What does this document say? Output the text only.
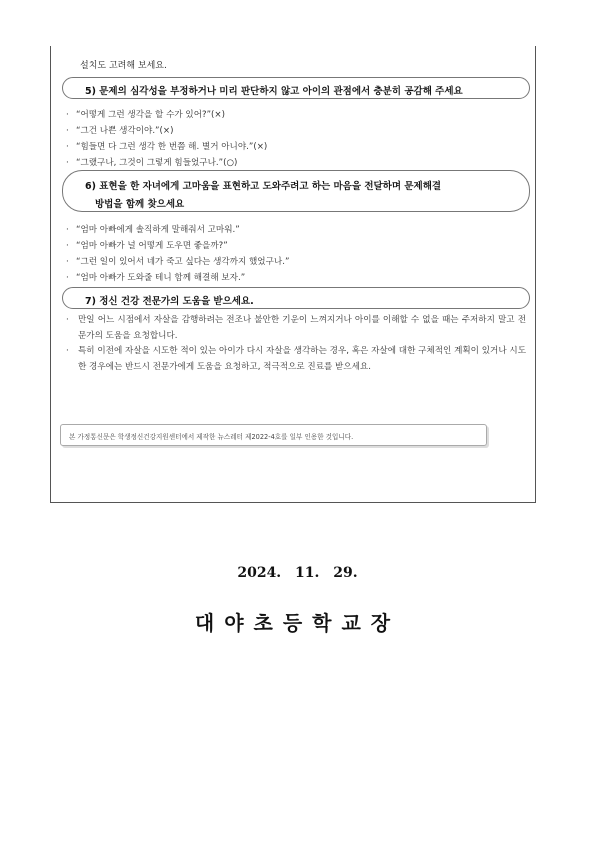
설치도 고려해 보세요.
5) 문제의 심각성을 부정하거나 미리 판단하지 않고 아이의 관점에서 충분히 공감해 주세요
· “어떻게 그런 생각을 할 수가 있어?”(×)
· “그건 나쁜 생각이야.”(×)
· “힘들면 다 그런 생각 한 번쯤 해. 별거 아니야.”(×)
· “그랬구나, 그것이 그렇게 힘들었구나.”(○)
6) 표현을 한 자녀에게 고마움을 표현하고 도와주려고 하는 마음을 전달하며 문제해결
방법을 함께 찾으세요
· “엄마 아빠에게 솔직하게 말해줘서 고마워.”
· “엄마 아빠가 널 어떻게 도우면 좋을까?”
· “그런 일이 있어서 네가 죽고 싶다는 생각까지 했었구나.”
· “엄마 아빠가 도와줄 테니 함께 해결해 보자.”
7) 정신 건강 전문가의 도움을 받으세요.
· 만일 어느 시점에서 자살을 감행하려는 전조나 불안한 기운이 느껴지거나 아이를 이해할 수 없을 때는 주저하지 말고 전문가의 도움을 요청합니다.
· 특히 이전에 자살을 시도한 적이 있는 아이가 다시 자살을 생각하는 경우, 혹은 자살에 대한 구체적인 계획이 있거나 시도한 경우에는 반드시 전문가에게 도움을 요청하고, 적극적으로 진료를 받으세요.
본 가정통신문은 학생정신건강지원센터에서 제작한 뉴스레터 제2022-4호를 일부 인용한 것입니다.
2024. 11. 29.
대야초등학교장
